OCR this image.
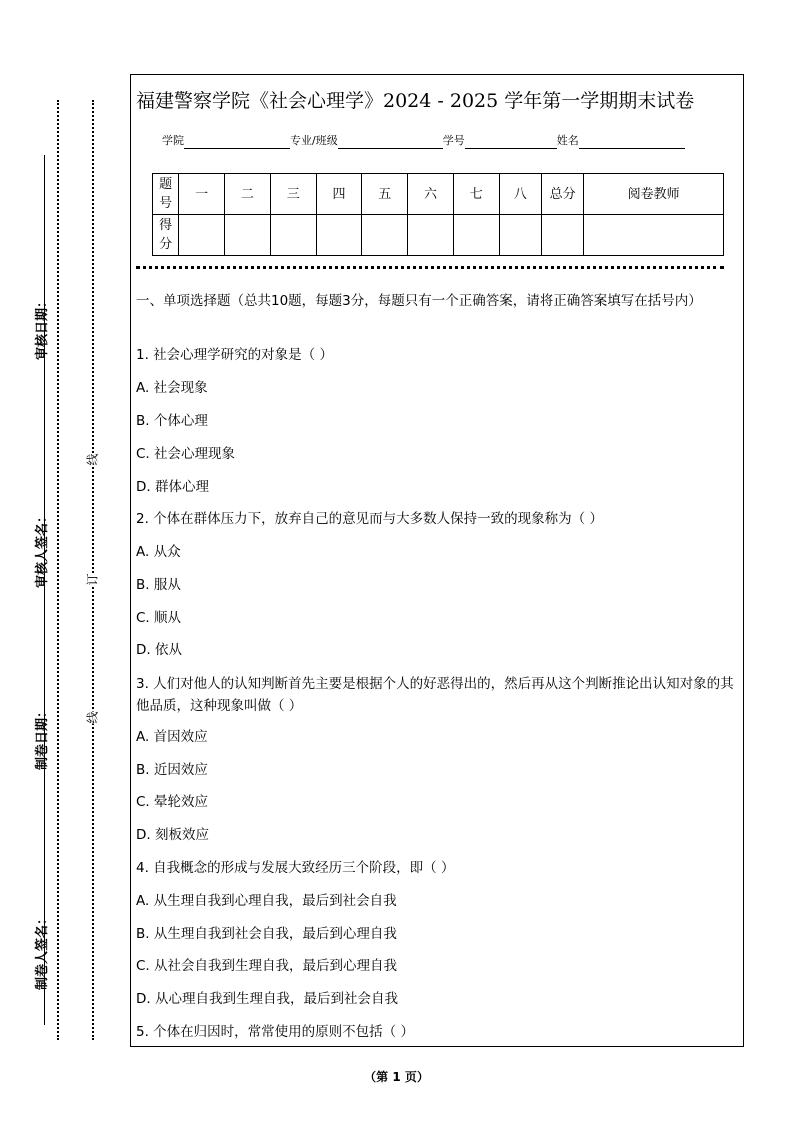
审核日期：
审核人签名：
制卷日期：
制卷人签名：
线
订
线
福建警察学院《社会心理学》2024 - 2025 学年第一学期期末试卷
学院	专业/班级	学号	姓名
题号	一	二	三	四	五	六	七	八	总分	阅卷教师
得分										
一、单项选择题（总共10题，每题3分，每题只有一个正确答案，请将正确答案填写在括号内）
1. 社会心理学研究的对象是（ ）
A. 社会现象
B. 个体心理
C. 社会心理现象
D. 群体心理
2. 个体在群体压力下，放弃自己的意见而与大多数人保持一致的现象称为（ ）
A. 从众
B. 服从
C. 顺从
D. 依从
3. 人们对他人的认知判断首先主要是根据个人的好恶得出的，然后再从这个判断推论出认知对象的其他品质，这种现象叫做（ ）
A. 首因效应
B. 近因效应
C. 晕轮效应
D. 刻板效应
4. 自我概念的形成与发展大致经历三个阶段，即（ ）
A. 从生理自我到心理自我，最后到社会自我
B. 从生理自我到社会自我，最后到心理自我
C. 从社会自我到生理自我，最后到心理自我
D. 从心理自我到生理自我，最后到社会自我
5. 个体在归因时，常常使用的原则不包括（ ）
（第 1 页）
